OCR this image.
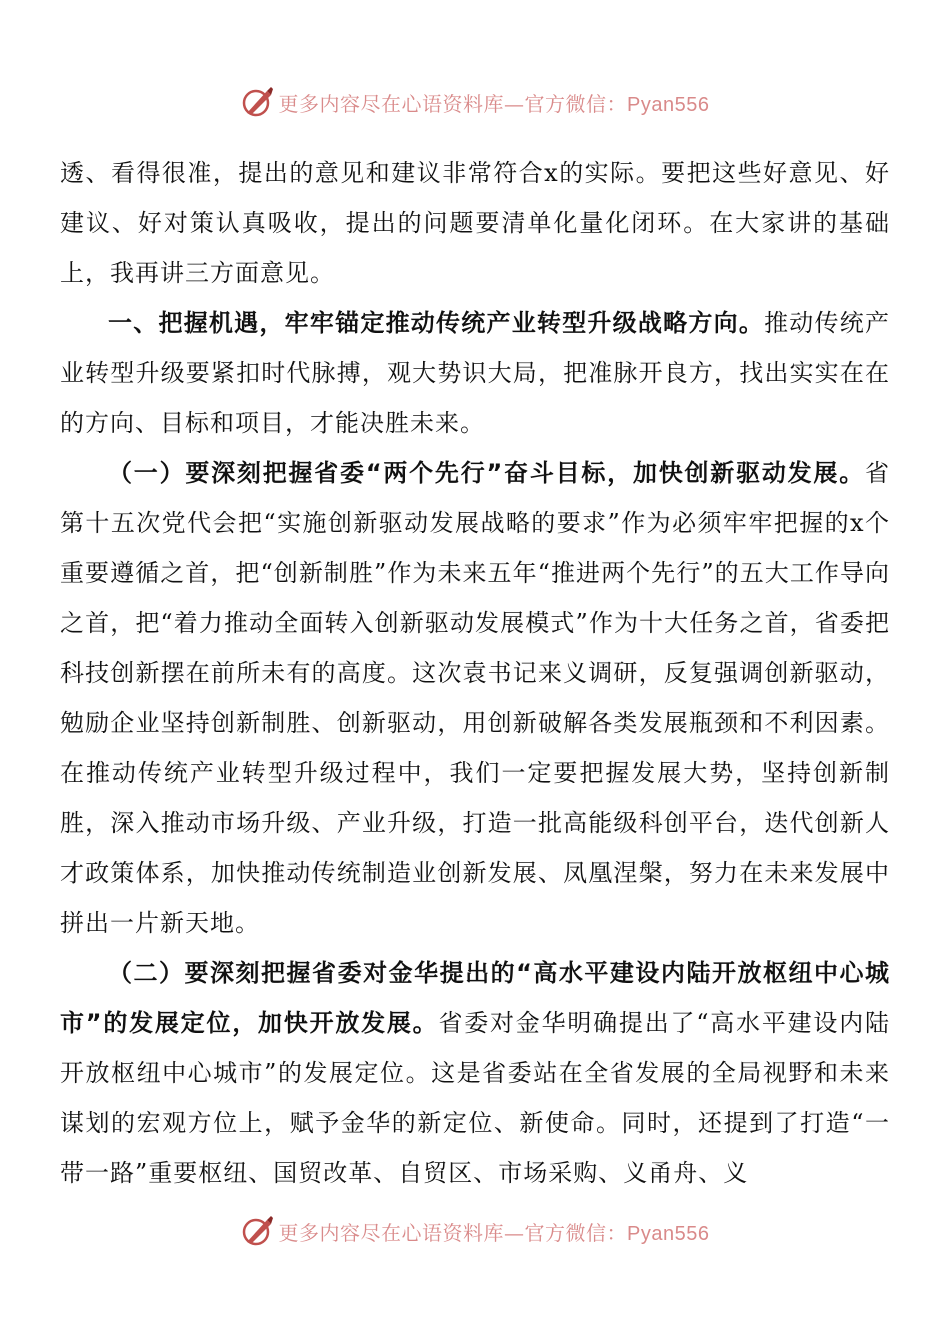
更多内容尽在心语资料库—官方微信：Pyan556

透、看得很准，提出的意见和建议非常符合x的实际。要把这些好意见、好建议、好对策认真吸收，提出的问题要清单化量化闭环。在大家讲的基础上，我再讲三方面意见。

一、把握机遇，牢牢锚定推动传统产业转型升级战略方向。推动传统产业转型升级要紧扣时代脉搏，观大势识大局，把准脉开良方，找出实实在在的方向、目标和项目，才能决胜未来。

（一）要深刻把握省委“两个先行”奋斗目标，加快创新驱动发展。省第十五次党代会把“实施创新驱动发展战略的要求”作为必须牢牢把握的x个重要遵循之首，把“创新制胜”作为未来五年“推进两个先行”的五大工作导向之首，把“着力推动全面转入创新驱动发展模式”作为十大任务之首，省委把科技创新摆在前所未有的高度。这次袁书记来义调研，反复强调创新驱动，勉励企业坚持创新制胜、创新驱动，用创新破解各类发展瓶颈和不利因素。在推动传统产业转型升级过程中，我们一定要把握发展大势，坚持创新制胜，深入推动市场升级、产业升级，打造一批高能级科创平台，迭代创新人才政策体系，加快推动传统制造业创新发展、凤凰涅槃，努力在未来发展中拼出一片新天地。

（二）要深刻把握省委对金华提出的“高水平建设内陆开放枢纽中心城市”的发展定位，加快开放发展。省委对金华明确提出了“高水平建设内陆开放枢纽中心城市”的发展定位。这是省委站在全省发展的全局视野和未来谋划的宏观方位上，赋予金华的新定位、新使命。同时，还提到了打造“一带一路”重要枢纽、国贸改革、自贸区、市场采购、义甬舟、义

更多内容尽在心语资料库—官方微信：Pyan556
